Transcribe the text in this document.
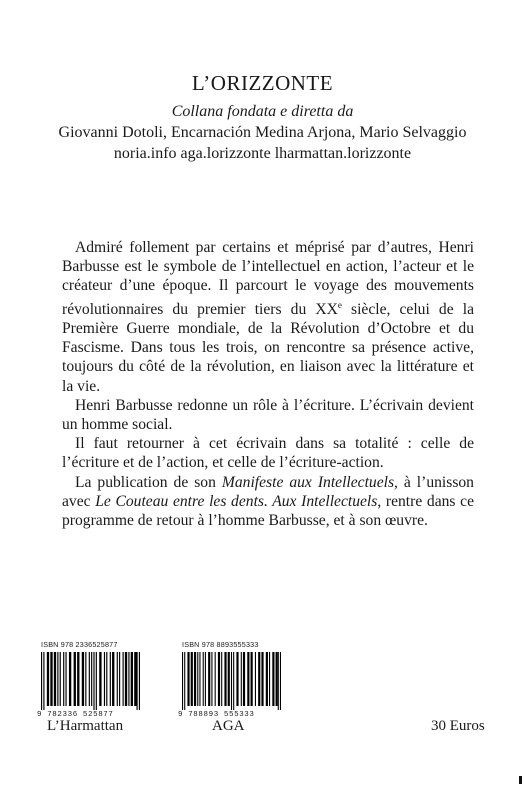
L’ORIZZONTE
Collana fondata e diretta da
Giovanni Dotoli, Encarnación Medina Arjona, Mario Selvaggio
noria.info aga.lorizzonte lharmattan.lorizzonte

Admiré follement par certains et méprisé par d’autres, Henri Barbusse est le symbole de l’intellectuel en action, l’acteur et le créateur d’une époque. Il parcourt le voyage des mouvements révolutionnaires du premier tiers du XXe siècle, celui de la Première Guerre mondiale, de la Révolution d’Octobre et du Fascisme. Dans tous les trois, on rencontre sa présence active, toujours du côté de la révolution, en liaison avec la littérature et la vie.

Henri Barbusse redonne un rôle à l’écriture. L’écrivain devient un homme social.

Il faut retourner à cet écrivain dans sa totalité : celle de l’écriture et de l’action, et celle de l’écriture-action.

La publication de son Manifeste aux Intellectuels, à l’unisson avec Le Couteau entre les dents. Aux Intellectuels, rentre dans ce programme de retour à l’homme Barbusse, et à son œuvre.

ISBN 978 2336525877
9 782336 525877
ISBN 978 8893555333
9 788893 555333
L’Harmattan	AGA	30 Euros
